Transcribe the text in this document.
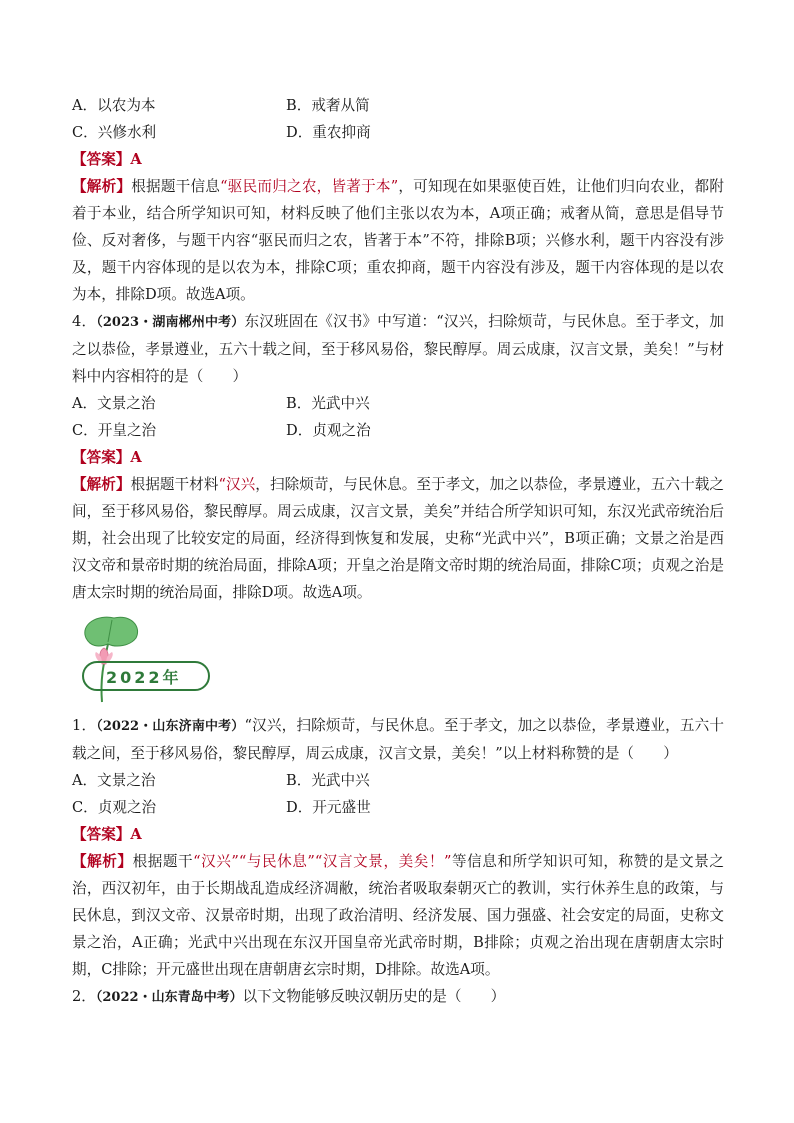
A．以农为本	B．戒奢从简
C．兴修水利	D．重农抑商
【答案】A
【解析】根据题干信息“驱民而归之农，皆著于本”，可知现在如果驱使百姓，让他们归向农业，都附着于本业，结合所学知识可知，材料反映了他们主张以农为本，A项正确；戒奢从简，意思是倡导节俭、反对奢侈，与题干内容“驱民而归之农，皆著于本”不符，排除B项；兴修水利，题干内容没有涉及，题干内容体现的是以农为本，排除C项；重农抑商，题干内容没有涉及，题干内容体现的是以农为本，排除D项。故选A项。
4．（2023・湖南郴州中考）东汉班固在《汉书》中写道：“汉兴，扫除烦苛，与民休息。至于孝文，加之以恭俭，孝景遵业，五六十载之间，至于移风易俗，黎民醇厚。周云成康，汉言文景，美矣！”与材料中内容相符的是（　　）
A．文景之治	B．光武中兴
C．开皇之治	D．贞观之治
【答案】A
【解析】根据题干材料“汉兴，扫除烦苛，与民休息。至于孝文，加之以恭俭，孝景遵业，五六十载之间，至于移风易俗，黎民醇厚。周云成康，汉言文景，美矣”并结合所学知识可知，东汉光武帝统治后期，社会出现了比较安定的局面，经济得到恢复和发展，史称“光武中兴”，B项正确；文景之治是西汉文帝和景帝时期的统治局面，排除A项；开皇之治是隋文帝时期的统治局面，排除C项；贞观之治是唐太宗时期的统治局面，排除D项。故选A项。
2022年
1．（2022・山东济南中考）“汉兴，扫除烦苛，与民休息。至于孝文，加之以恭俭，孝景遵业，五六十载之间，至于移风易俗，黎民醇厚，周云成康，汉言文景，美矣！”以上材料称赞的是（　　）
A．文景之治	B．光武中兴
C．贞观之治	D．开元盛世
【答案】A
【解析】根据题干“汉兴”“与民休息”“汉言文景，美矣！”等信息和所学知识可知，称赞的是文景之治，西汉初年，由于长期战乱造成经济凋敝，统治者吸取秦朝灭亡的教训，实行休养生息的政策，与民休息，到汉文帝、汉景帝时期，出现了政治清明、经济发展、国力强盛、社会安定的局面，史称文景之治，A正确；光武中兴出现在东汉开国皇帝光武帝时期，B排除；贞观之治出现在唐朝唐太宗时期，C排除；开元盛世出现在唐朝唐玄宗时期，D排除。故选A项。
2．（2022・山东青岛中考）以下文物能够反映汉朝历史的是（　　）
